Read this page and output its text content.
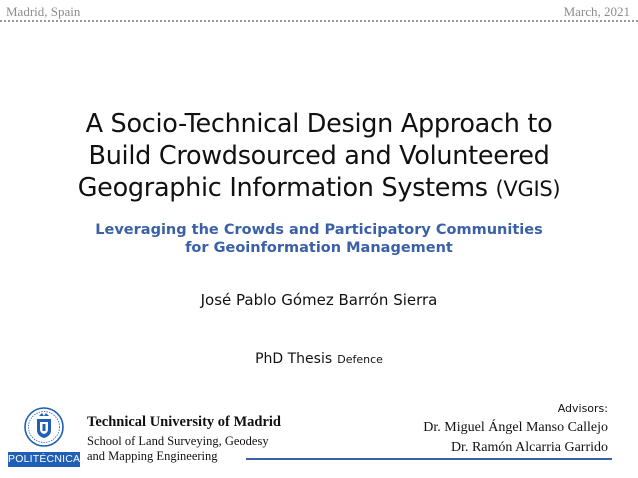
Madrid, Spain	March, 2021
A Socio-Technical Design Approach to
Build Crowdsourced and Volunteered
Geographic Information Systems (VGIS)
Leveraging the Crowds and Participatory Communities
for Geoinformation Management
José Pablo Gómez Barrón Sierra
PhD Thesis Defence
POLITÉCNICA
Technical University of Madrid
School of Land Surveying, Geodesy
and Mapping Engineering
Advisors:
Dr. Miguel Ángel Manso Callejo
Dr. Ramón Alcarria Garrido
